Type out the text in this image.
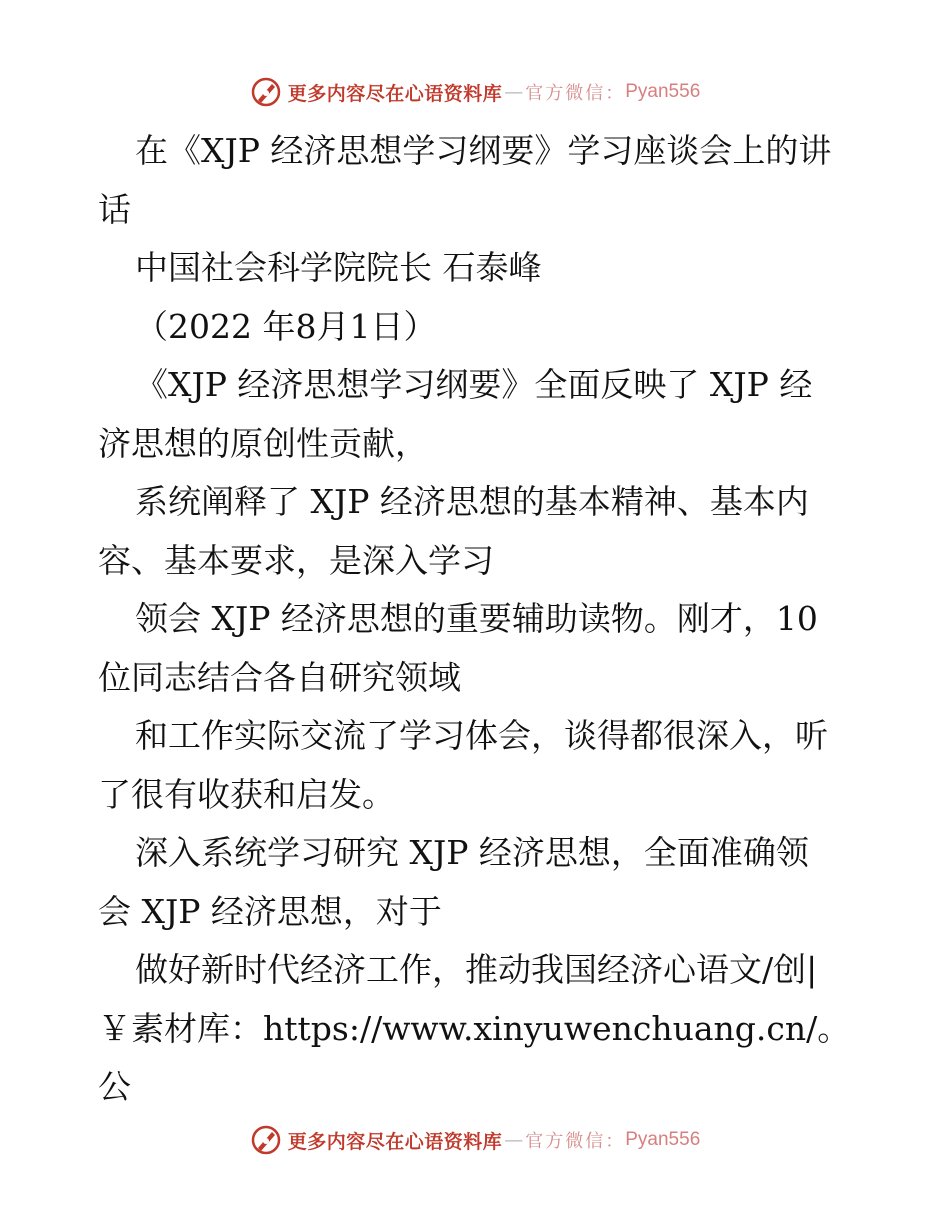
更多内容尽在心语资料库 — 官方微信： Pyan556

在《XJP 经济思想学习纲要》学习座谈会上的讲

话

中国社会科学院院长 石泰峰

（2022 年8月1日）

《XJP 经济思想学习纲要》全面反映了 XJP 经

济思想的原创性贡献，

系统阐释了 XJP 经济思想的基本精神、基本内

容、基本要求，是深入学习

领会 XJP 经济思想的重要辅助读物。刚才，10

位同志结合各自研究领域

和工作实际交流了学习体会，谈得都很深入，听

了很有收获和启发。

深入系统学习研究 XJP 经济思想，全面准确领

会 XJP 经济思想，对于

做好新时代经济工作，推动我国经济心语文/创|

￥素材库：https://www.xinyuwenchuang.cn/。公

更多内容尽在心语资料库 — 官方微信： Pyan556
